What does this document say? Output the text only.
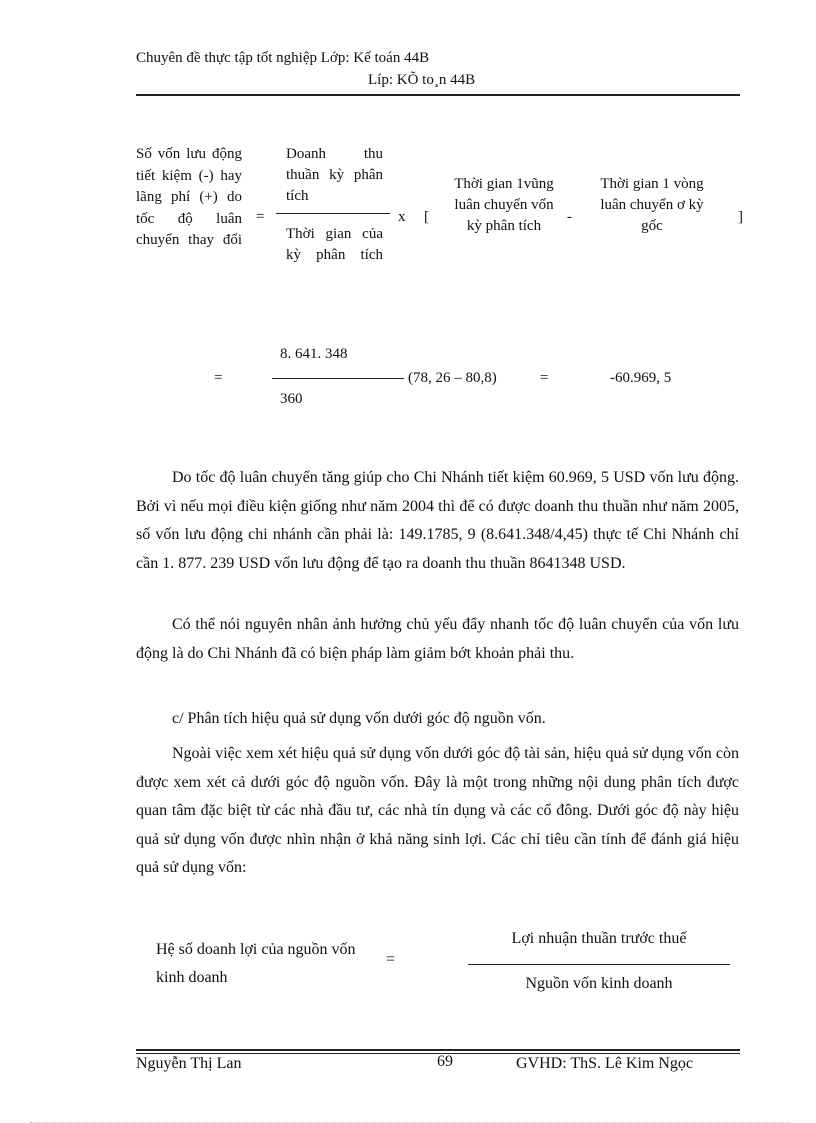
Chuyên đề thực tập tốt nghiệp Lớp: Kế toán 44B
Líp: KÕ to¸n 44B
Số vốn lưu động tiết kiệm (-) hay lãng phí (+) do tốc độ luân chuyển thay đổi
=
Doanh thu thuần kỳ phân tích
Thời gian của kỳ phân tích
x [
Thời gian 1vũng luân chuyển vốn kỳ phân tích
-
Thời gian 1 vòng luân chuyển ơ kỳ gốc
]
=
8. 641. 348
360
(78, 26 – 80,8)	=	-60.969, 5
Do tốc độ luân chuyển tăng giúp cho Chi Nhánh tiết kiệm 60.969, 5 USD vốn lưu động. Bởi vì nếu mọi điều kiện giống như năm 2004 thì để có được doanh thu thuần như năm 2005, số vốn lưu động chi nhánh cần phải là: 149.1785, 9 (8.641.348/4,45) thực tế Chi Nhánh chỉ cần 1. 877. 239 USD vốn lưu động để tạo ra doanh thu thuần 8641348 USD.
Có thể nói nguyên nhân ảnh hưởng chủ yếu đẩy nhanh tốc độ luân chuyển của vốn lưu động là do Chi Nhánh đã có biện pháp làm giảm bớt khoản phải thu.
c/ Phân tích hiệu quả sử dụng vốn dưới góc độ nguồn vốn.
Ngoài việc xem xét hiệu quả sử dụng vốn dưới góc độ tài sản, hiệu quả sử dụng vốn còn được xem xét cả dưới góc độ nguồn vốn. Đây là một trong những nội dung phân tích được quan tâm đặc biệt từ các nhà đầu tư, các nhà tín dụng và các cổ đông. Dưới góc độ này hiệu quả sử dụng vốn được nhìn nhận ở khả năng sinh lợi. Các chỉ tiêu cần tính để đánh giá hiệu quả sử dụng vốn:
Hệ số doanh lợi của nguồn vốn kinh doanh
=
Lợi nhuận thuần trước thuế
Nguồn vốn kinh doanh
Nguyễn Thị Lan	69	GVHD: ThS. Lê Kim Ngọc
